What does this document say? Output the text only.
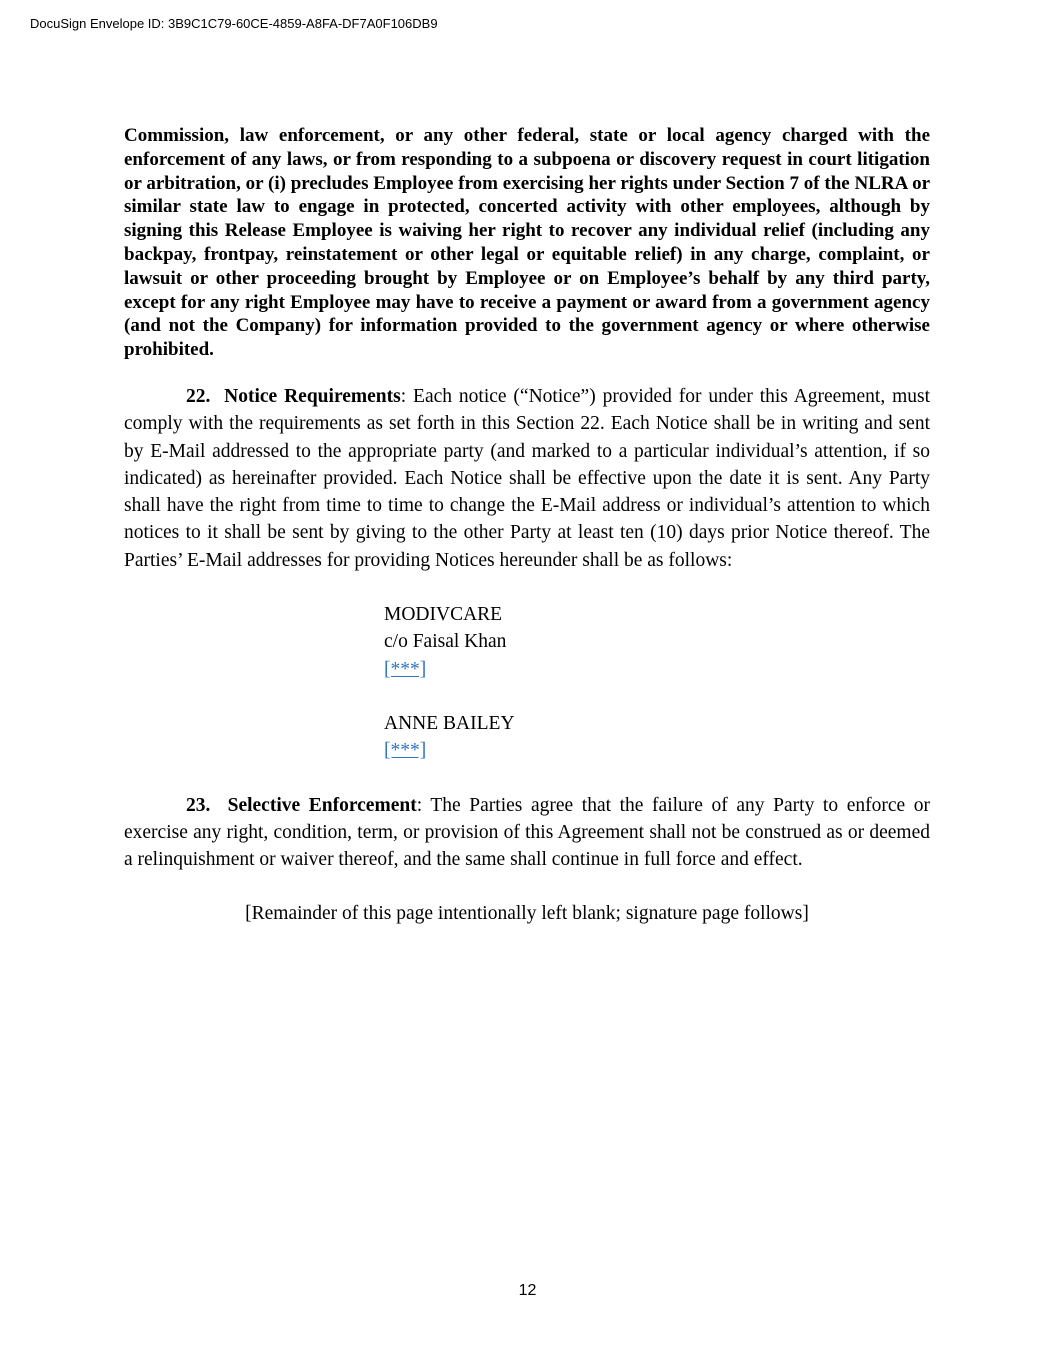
DocuSign Envelope ID: 3B9C1C79-60CE-4859-A8FA-DF7A0F106DB9

Commission, law enforcement, or any other federal, state or local agency charged with the enforcement of any laws, or from responding to a subpoena or discovery request in court litigation or arbitration, or (i) precludes Employee from exercising her rights under Section 7 of the NLRA or similar state law to engage in protected, concerted activity with other employees, although by signing this Release Employee is waiving her right to recover any individual relief (including any backpay, frontpay, reinstatement or other legal or equitable relief) in any charge, complaint, or lawsuit or other proceeding brought by Employee or on Employee’s behalf by any third party, except for any right Employee may have to receive a payment or award from a government agency (and not the Company) for information provided to the government agency or where otherwise prohibited.

22. Notice Requirements: Each notice (“Notice”) provided for under this Agreement, must comply with the requirements as set forth in this Section 22. Each Notice shall be in writing and sent by E-Mail addressed to the appropriate party (and marked to a particular individual’s attention, if so indicated) as hereinafter provided. Each Notice shall be effective upon the date it is sent. Any Party shall have the right from time to time to change the E-Mail address or individual’s attention to which notices to it shall be sent by giving to the other Party at least ten (10) days prior Notice thereof. The Parties’ E-Mail addresses for providing Notices hereunder shall be as follows:

MODIVCARE
c/o Faisal Khan
[***]
ANNE BAILEY
[***]

23. Selective Enforcement: The Parties agree that the failure of any Party to enforce or exercise any right, condition, term, or provision of this Agreement shall not be construed as or deemed a relinquishment or waiver thereof, and the same shall continue in full force and effect.

[Remainder of this page intentionally left blank; signature page follows]
12
